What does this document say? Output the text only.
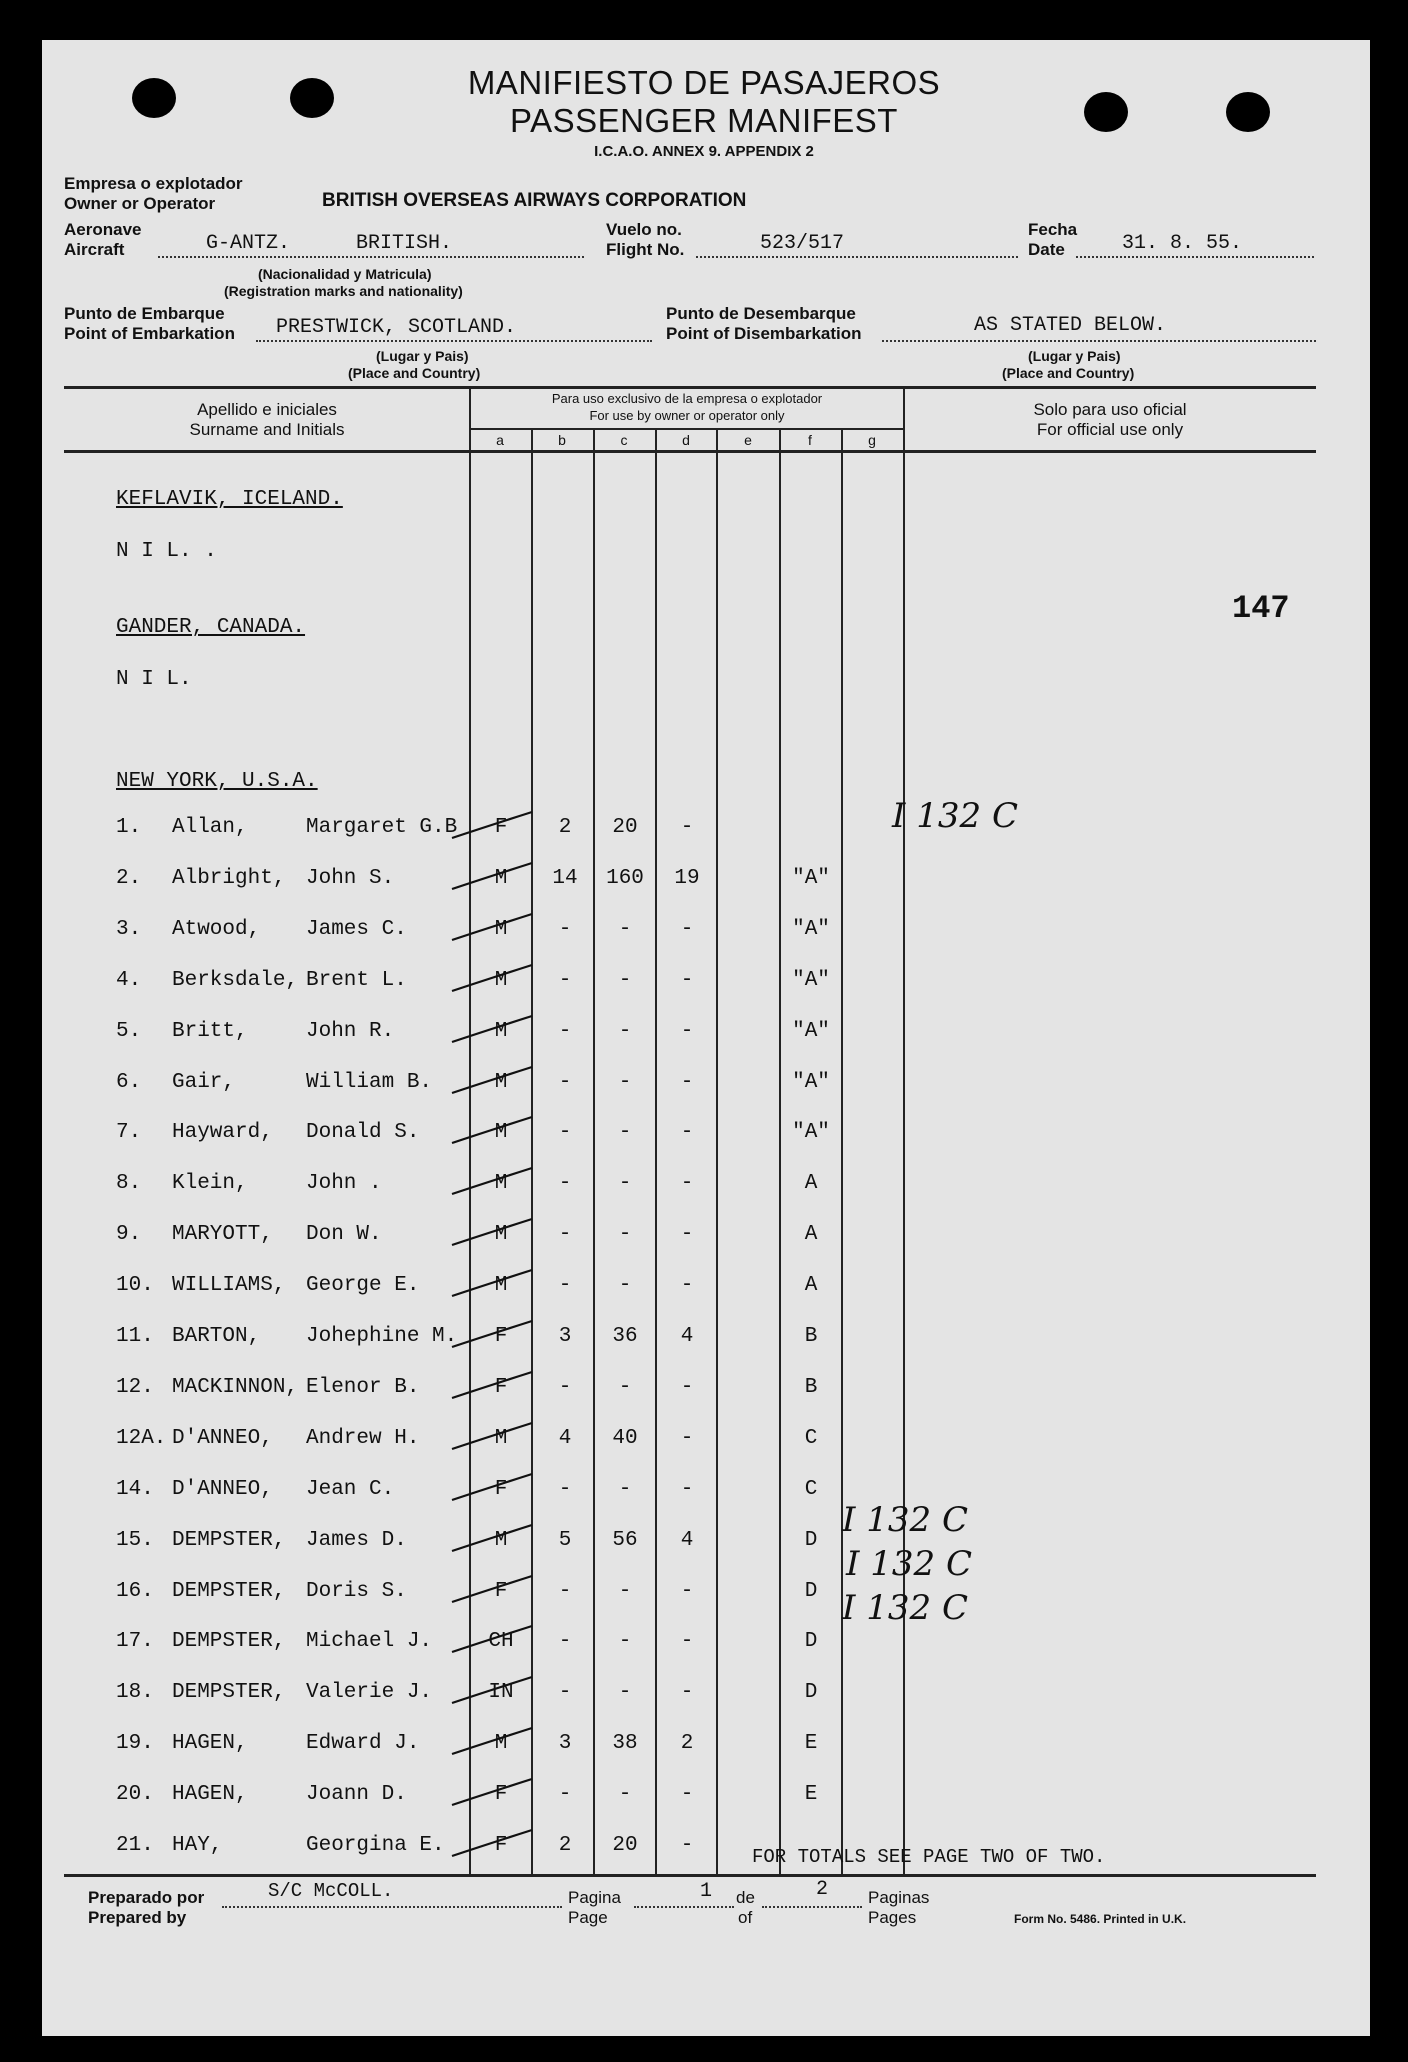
MANIFIESTO DE PASAJEROS
PASSENGER MANIFEST
I.C.A.O. ANNEX 9. APPENDIX 2
Empresa o explotador
Owner or Operator	BRITISH OVERSEAS AIRWAYS CORPORATION
Aeronave
Aircraft	G-ANTZ.	BRITISH.
(Nacionalidad y Matricula)
(Registration marks and nationality)
Vuelo no.
Flight No.	523/517
Fecha
Date	31. 8. 55.
Punto de Embarque
Point of Embarkation PRESTWICK, SCOTLAND.
(Lugar y Pais)
(Place and Country)
Punto de Desembarque
Point of Disembarkation	AS STATED BELOW.
(Lugar y Pais)
(Place and Country)
Apellido e iniciales
Surname and Initials
Para uso exclusivo de la empresa o explotador
For use by owner or operator only	Solo para uso oficial
For official use only
a	b	c	d	e	f	g
KEFLAVIK, ICELAND.
N I L. .
GANDER, CANADA.
N I L.
NEW YORK, U.S.A.
147
1. Allan,	Margaret G.B	F	2	20	-
2. Albright, John S.	M	14	160	19	"A"
3. Atwood, James C.	M	-	-	-	"A"
4. Berksdale, Brent L.	M	-	-	-	"A"
5. Britt,	John R.	M	-	-	-	"A"
6. Gair,	William B.	M	-	-	-	"A"
7. Hayward, Donald S.	M	-	-	-	"A"
8. Klein,	John .	M	-	-	-	A
9. MARYOTT, Don W.	M	-	-	-	A
10. WILLIAMS, George E.	M	-	-	-	A
11. BARTON, Johephine M.	F	3	36	4	B
12. MACKINNON, Elenor B.	F	-	-	-	B
12A. D'ANNEO, Andrew H.	M	4	40	-	C
14. D'ANNEO, Jean C.	F	-	-	-	C
15. DEMPSTER, James D.	M	5	56	4	D
16. DEMPSTER, Doris S.	F	-	-	-	D
17. DEMPSTER, Michael J.	CH	-	-	-	D
18. DEMPSTER, Valerie J.	IN	-	-	-	D
19. HAGEN,	Edward J.	M	3	38	2	E
20. HAGEN,	Joann D.	F	-	-	-	E
21. HAY,	Georgina E.	F	2	20	-
I 132 C
I 132 C
I 132 C
I 132 C
FOR TOTALS SEE PAGE TWO OF TWO.
Preparado por
Prepared by
S/C McCOLL.	Pagina
Page
1 de
of
2 Paginas
Pages	Form No. 5486. Printed in U.K.
